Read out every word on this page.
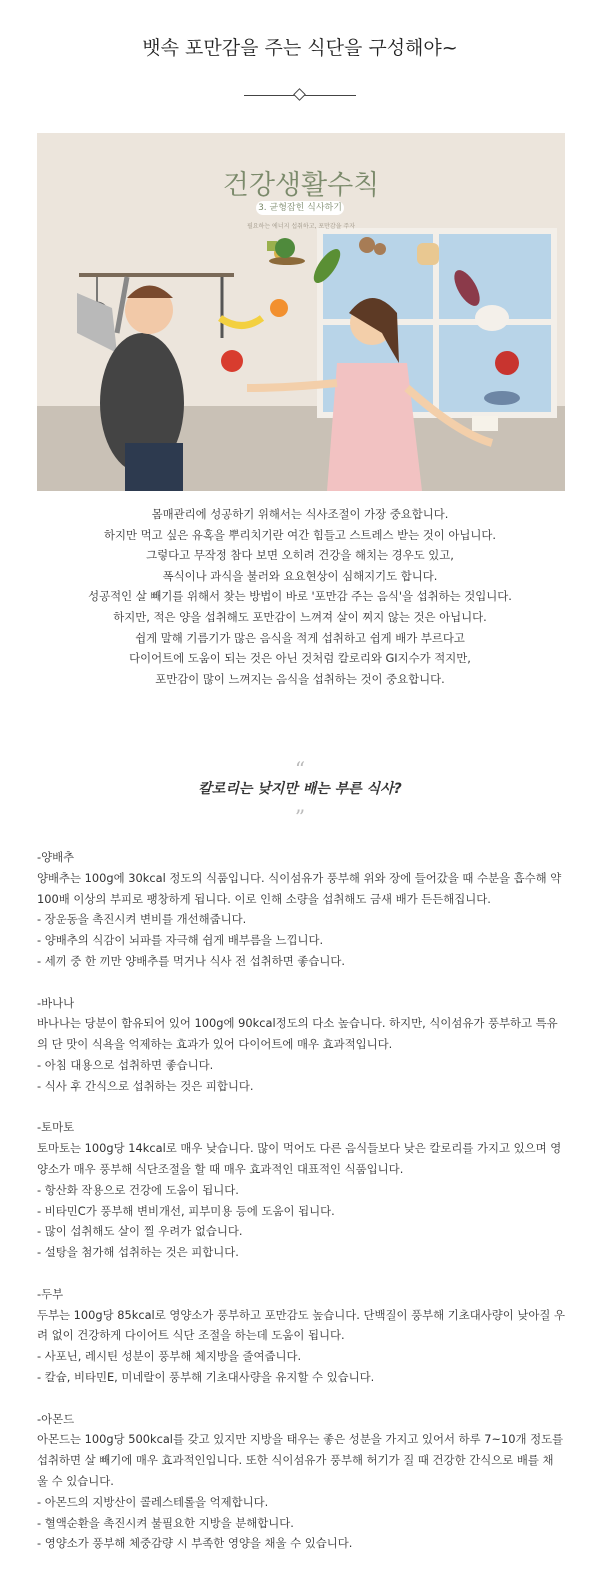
뱃속 포만감을 주는 식단을 구성해야~
건강생활수칙
3. 균형잡힌 식사하기
필요하는 에너지 섭취하고, 포만감을 주자

몸매관리에 성공하기 위해서는 식사조절이 가장 중요합니다.

하지만 먹고 싶은 유혹을 뿌리치기란 여간 힘들고 스트레스 받는 것이 아닙니다.

그렇다고 무작정 참다 보면 오히려 건강을 해치는 경우도 있고,

폭식이나 과식을 불러와 요요현상이 심해지기도 합니다.

성공적인 살 빼기를 위해서 찾는 방법이 바로 '포만감 주는 음식'을 섭취하는 것입니다.

하지만, 적은 양을 섭취해도 포만감이 느껴져 살이 찌지 않는 것은 아닙니다.

쉽게 말해 기름기가 많은 음식을 적게 섭취하고 쉽게 배가 부르다고

다이어트에 도움이 되는 것은 아닌 것처럼 칼로리와 GI지수가 적지만,

포만감이 많이 느껴지는 음식을 섭취하는 것이 중요합니다.

“
칼로리는 낮지만 배는 부른 식사?
”
-양배추
양배추는 100g에 30kcal 정도의 식품입니다. 식이섬유가 풍부해 위와 장에 들어갔을 때 수분을 흡수해 약
100배 이상의 부피로 팽창하게 됩니다. 이로 인해 소량을 섭취해도 금새 배가 든든해집니다.
- 장운동을 촉진시켜 변비를 개선해줍니다.
- 양배추의 식감이 뇌파를 자극해 쉽게 배부름을 느낍니다.
- 세끼 중 한 끼만 양배추를 먹거나 식사 전 섭취하면 좋습니다.
-바나나
바나나는 당분이 함유되어 있어 100g에 90kcal정도의 다소 높습니다. 하지만, 식이섬유가 풍부하고 특유
의 단 맛이 식욕을 억제하는 효과가 있어 다이어트에 매우 효과적입니다.
- 아침 대용으로 섭취하면 좋습니다.
- 식사 후 간식으로 섭취하는 것은 피합니다.
-토마토
토마토는 100g당 14kcal로 매우 낮습니다. 많이 먹어도 다른 음식들보다 낮은 칼로리를 가지고 있으며 영
양소가 매우 풍부해 식단조절을 할 때 매우 효과적인 대표적인 식품입니다.
- 항산화 작용으로 건강에 도움이 됩니다.
- 비타민C가 풍부해 변비개선, 피부미용 등에 도움이 됩니다.
- 많이 섭취해도 살이 찔 우려가 없습니다.
- 설탕을 첨가해 섭취하는 것은 피합니다.
-두부
두부는 100g당 85kcal로 영양소가 풍부하고 포만감도 높습니다. 단백질이 풍부해 기초대사량이 낮아질 우
려 없이 건강하게 다이어트 식단 조절을 하는데 도움이 됩니다.
- 사포닌, 레시틴 성분이 풍부해 체지방을 줄여줍니다.
- 칼슘, 비타민E, 미네랄이 풍부해 기초대사량을 유지할 수 있습니다.
-아몬드
아몬드는 100g당 500kcal를 갖고 있지만 지방을 태우는 좋은 성분을 가지고 있어서 하루 7~10개 정도를
섭취하면 살 빼기에 매우 효과적인입니다. 또한 식이섬유가 풍부해 허기가 질 때 건강한 간식으로 배를 채
울 수 있습니다.
- 아몬드의 지방산이 콜레스테롤을 억제합니다.
- 혈액순환을 촉진시켜 불필요한 지방을 분해합니다.
- 영양소가 풍부해 체중감량 시 부족한 영양을 채울 수 있습니다.
